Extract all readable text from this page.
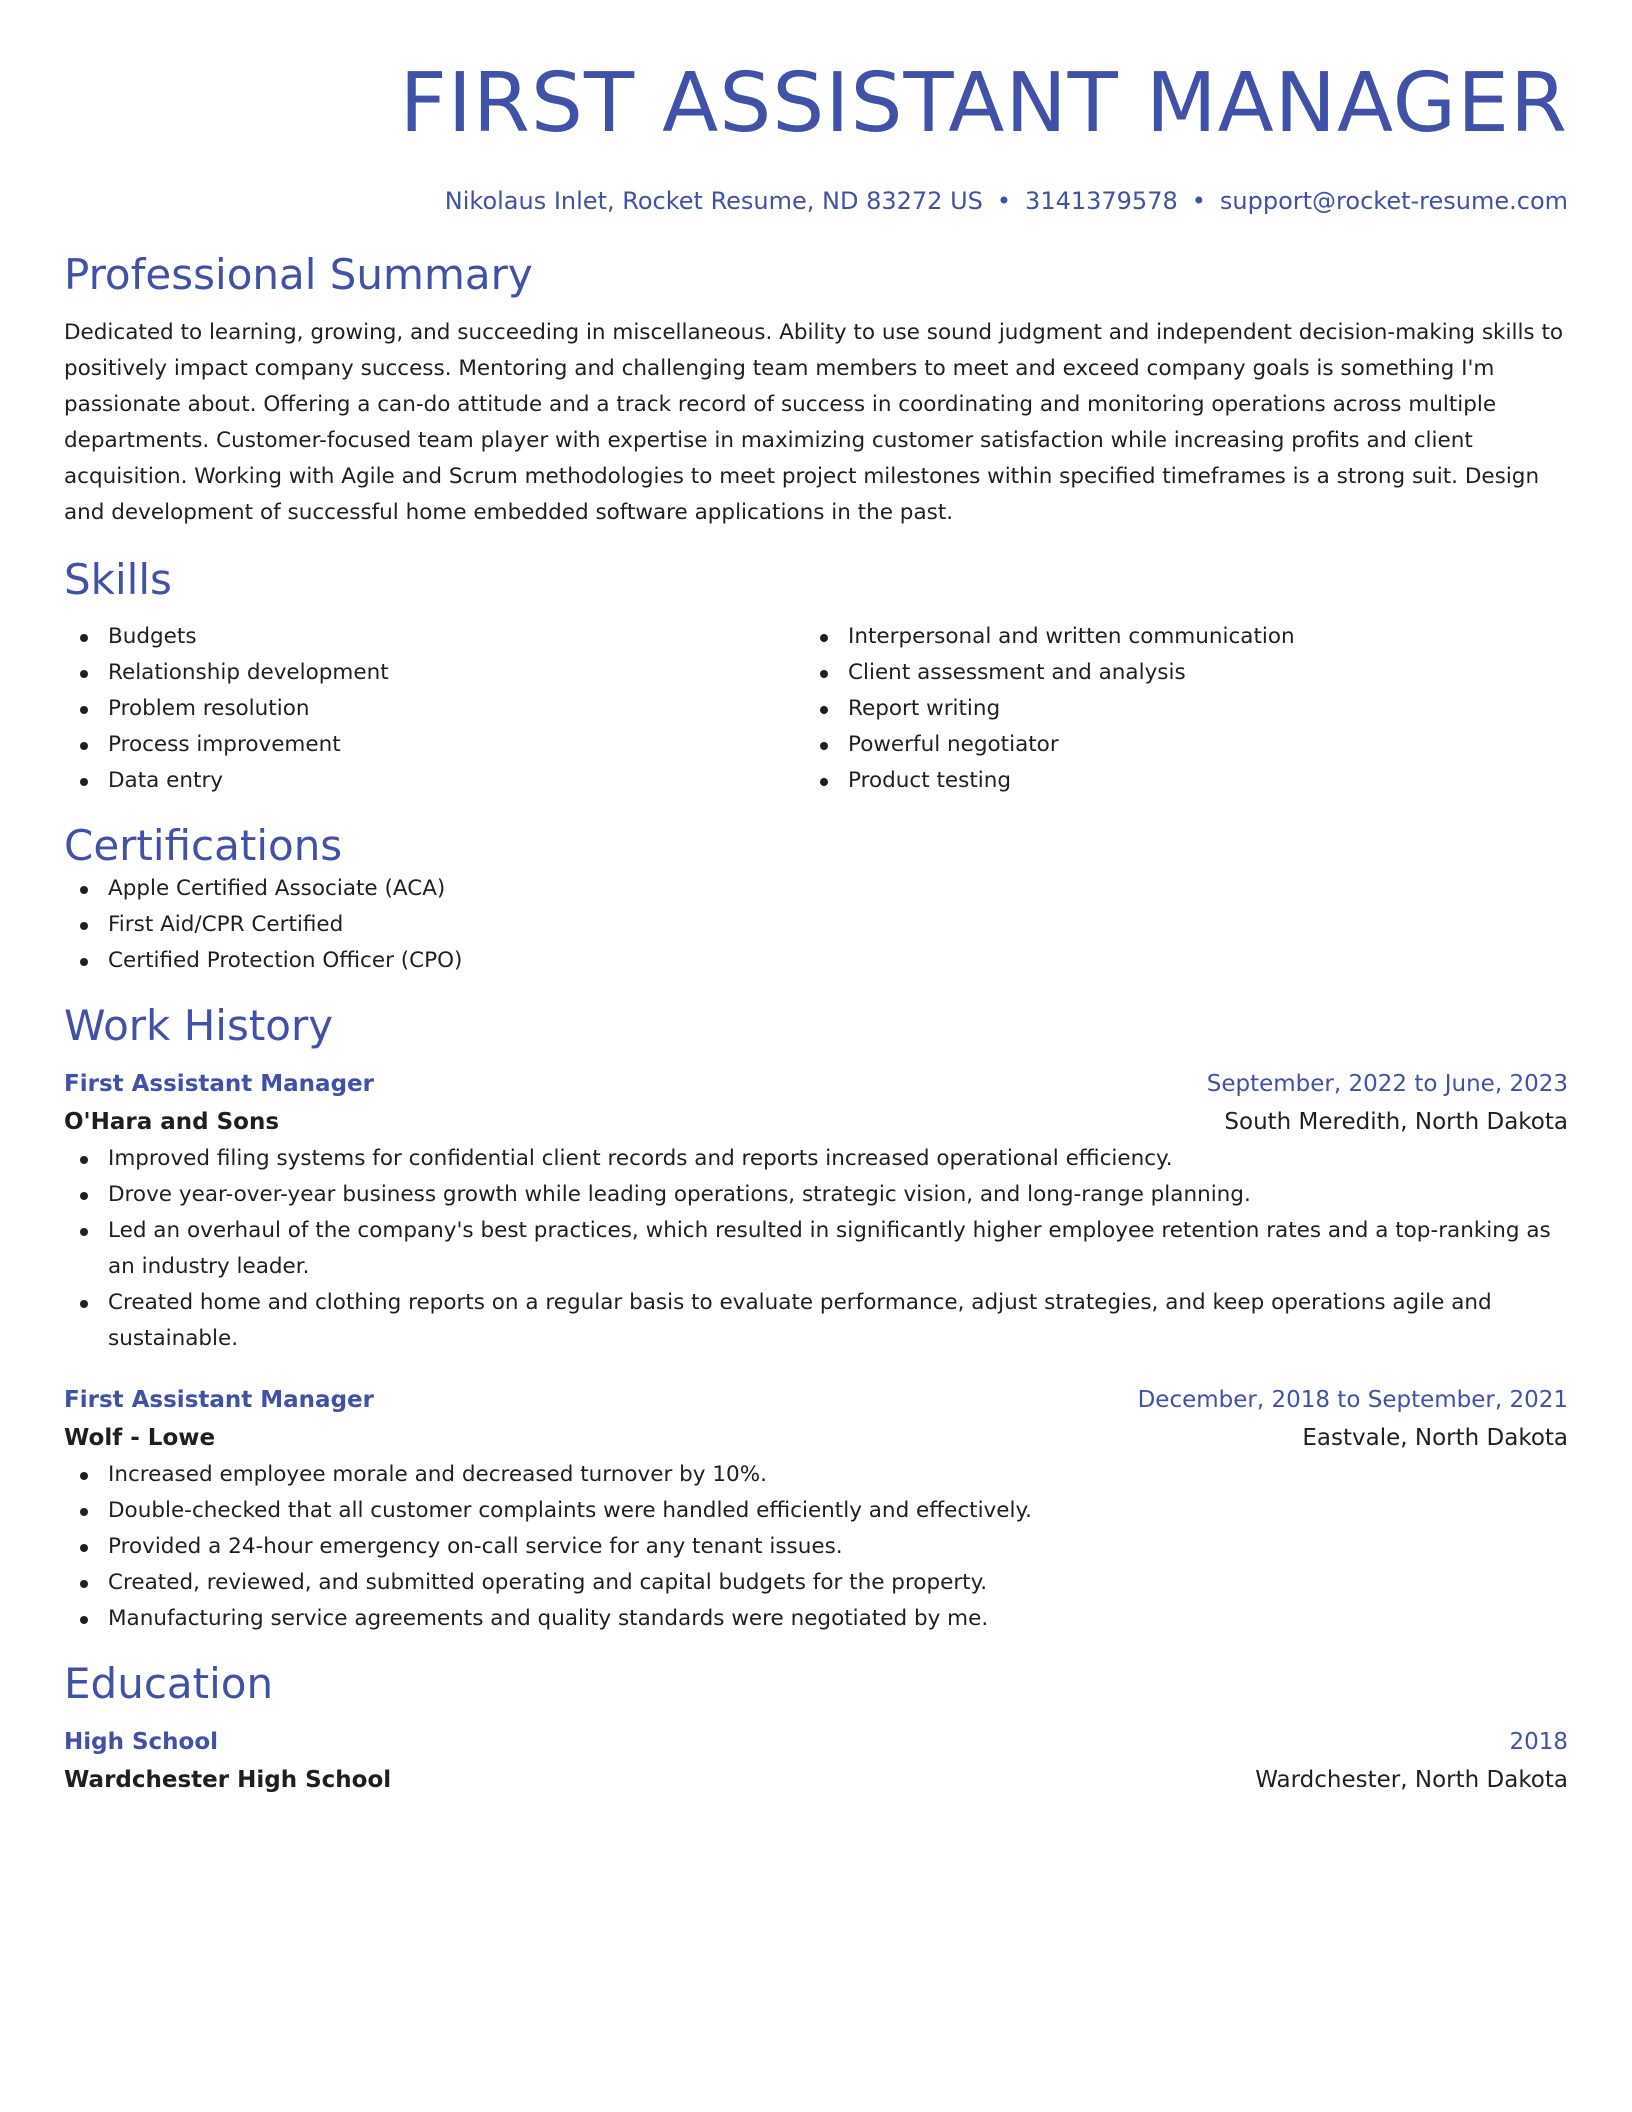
FIRST ASSISTANT MANAGER
Nikolaus Inlet, Rocket Resume, ND 83272 US • 3141379578 • support@rocket-resume.com
Professional Summary
Dedicated to learning, growing, and succeeding in miscellaneous. Ability to use sound judgment and independent decision-making skills to positively impact company success. Mentoring and challenging team members to meet and exceed company goals is something I'm passionate about. Offering a can-do attitude and a track record of success in coordinating and monitoring operations across multiple departments. Customer-focused team player with expertise in maximizing customer satisfaction while increasing profits and client acquisition. Working with Agile and Scrum methodologies to meet project milestones within specified timeframes is a strong suit. Design and development of successful home embedded software applications in the past.
Skills
Budgets
Relationship development
Problem resolution
Process improvement
Data entry
Interpersonal and written communication
Client assessment and analysis
Report writing
Powerful negotiator
Product testing
Certifications
Apple Certified Associate (ACA)
First Aid/CPR Certified
Certified Protection Officer (CPO)
Work History
First Assistant Manager	September, 2022 to June, 2023
O'Hara and Sons	South Meredith, North Dakota
Improved filing systems for confidential client records and reports increased operational efficiency.
Drove year-over-year business growth while leading operations, strategic vision, and long-range planning.
Led an overhaul of the company's best practices, which resulted in significantly higher employee retention rates and a top-ranking as an industry leader.
Created home and clothing reports on a regular basis to evaluate performance, adjust strategies, and keep operations agile and sustainable.
First Assistant Manager	December, 2018 to September, 2021
Wolf - Lowe	Eastvale, North Dakota
Increased employee morale and decreased turnover by 10%.
Double-checked that all customer complaints were handled efficiently and effectively.
Provided a 24-hour emergency on-call service for any tenant issues.
Created, reviewed, and submitted operating and capital budgets for the property.
Manufacturing service agreements and quality standards were negotiated by me.
Education
High School	2018
Wardchester High School	Wardchester, North Dakota
